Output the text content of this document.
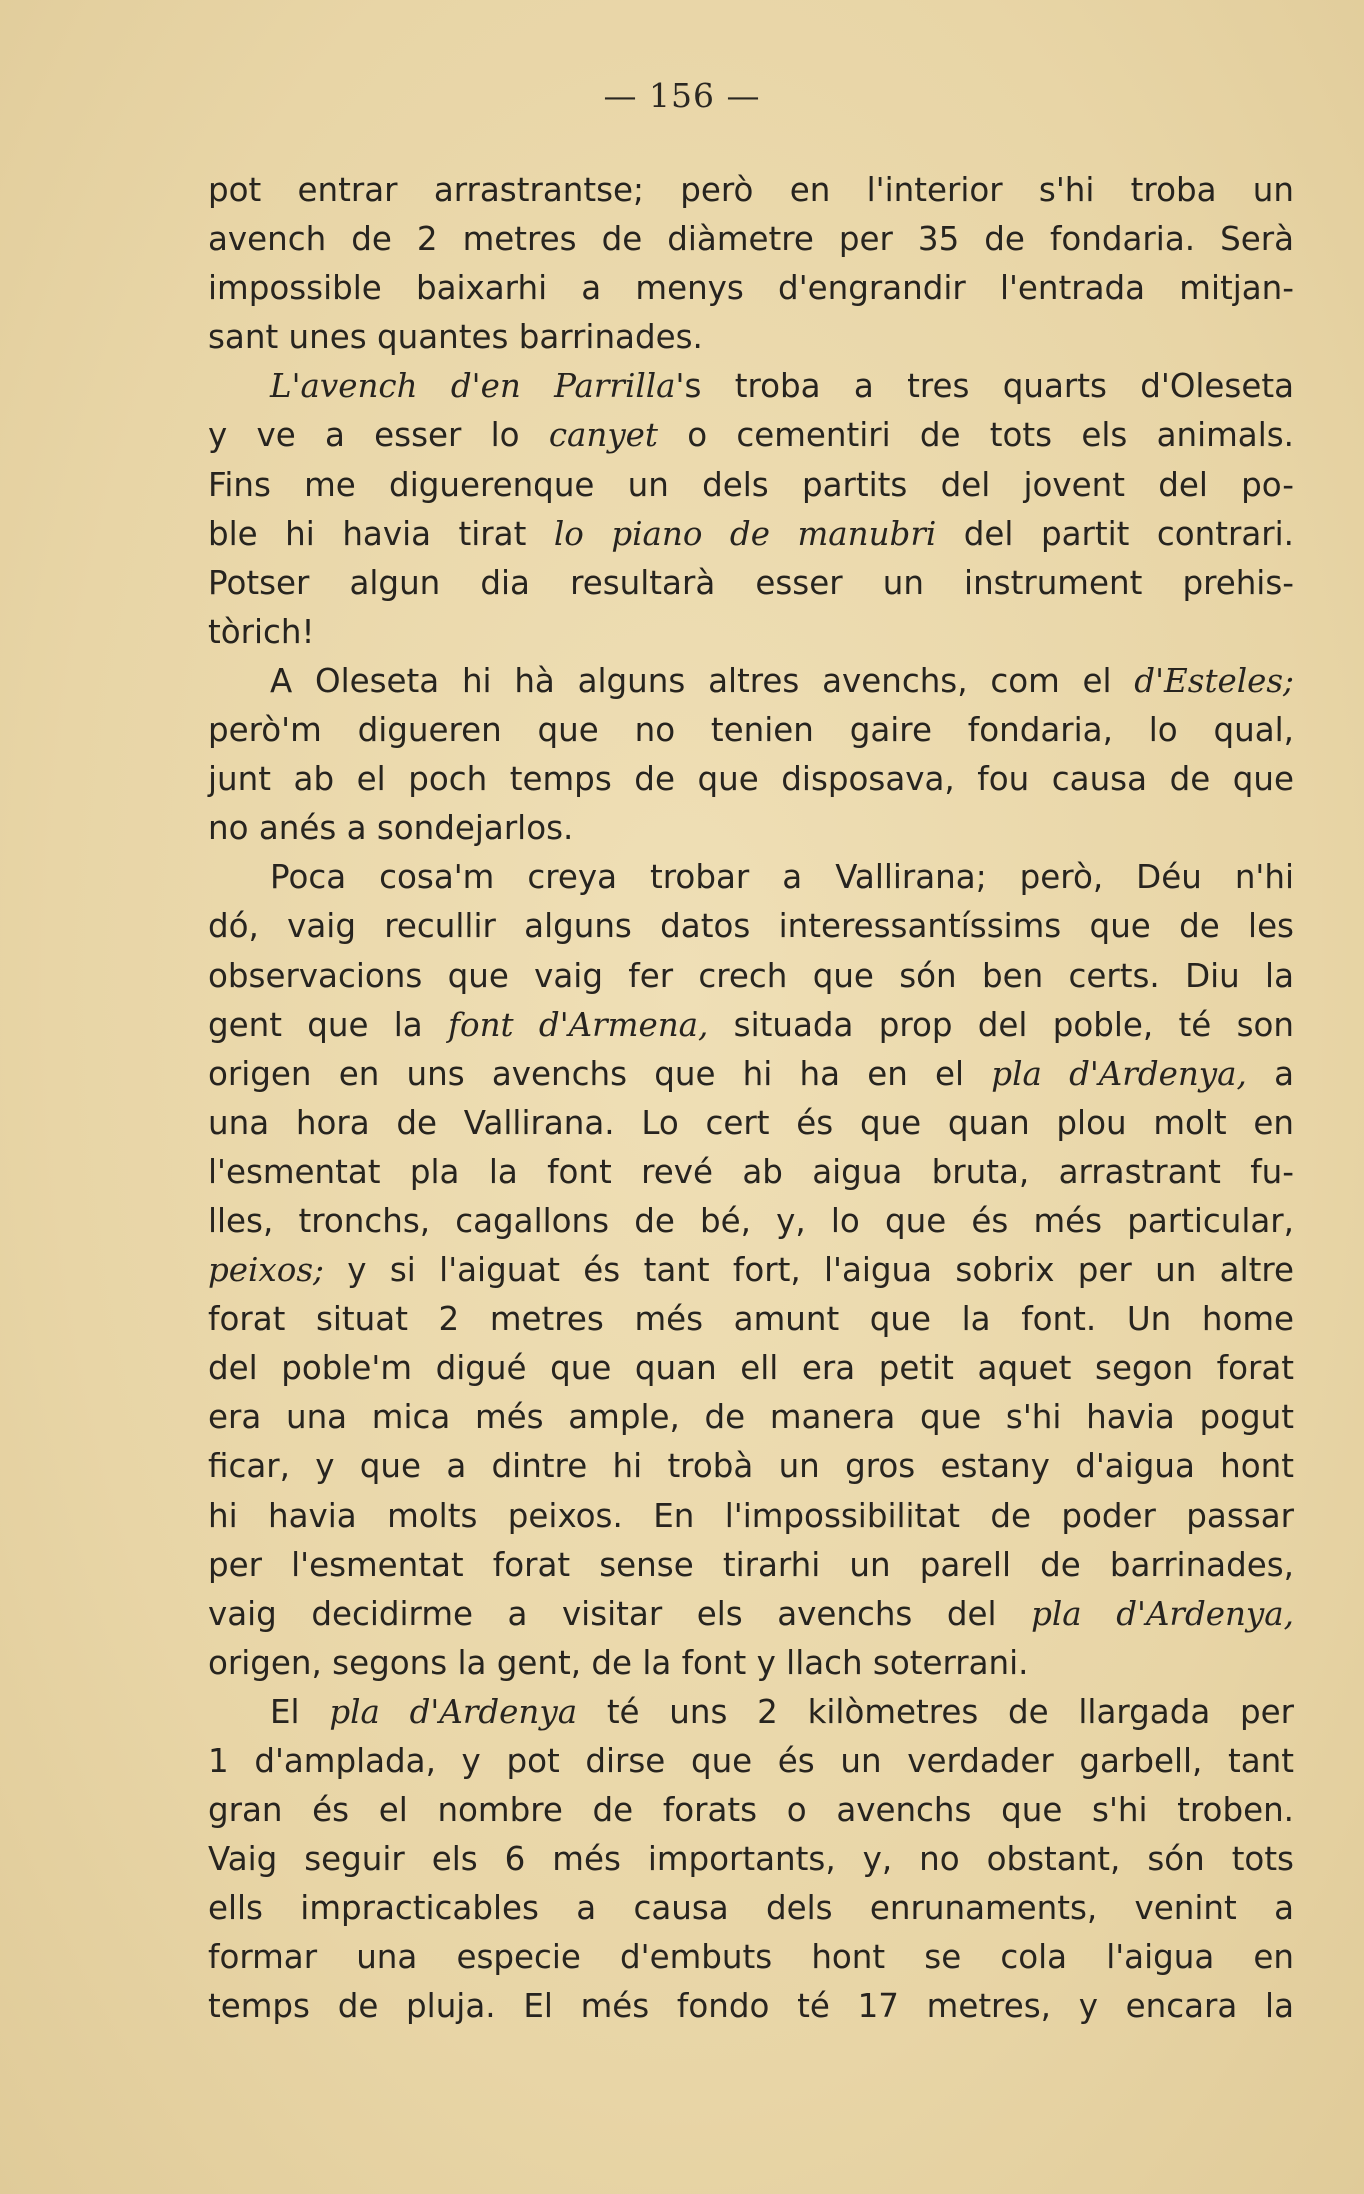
— 156 —
pot entrar arrastrantse; però en l'interior s'hi troba un
avench de 2 metres de diàmetre per 35 de fondaria. Serà
impossible baixarhi a menys d'engrandir l'entrada mitjan-
sant unes quantes barrinades.
L'avench d'en Parrilla's troba a tres quarts d'Oleseta
y ve a esser lo canyet o cementiri de tots els animals.
Fins me diguerenque un dels partits del jovent del po-
ble hi havia tirat lo piano de manubri del partit contrari.
Potser algun dia resultarà esser un instrument prehis-
tòrich!
A Oleseta hi hà alguns altres avenchs, com el d'Esteles;
però'm digueren que no tenien gaire fondaria, lo qual,
junt ab el poch temps de que disposava, fou causa de que
no anés a sondejarlos.
Poca cosa'm creya trobar a Vallirana; però, Déu n'hi
dó, vaig recullir alguns datos interessantíssims que de les
observacions que vaig fer crech que són ben certs. Diu la
gent que la font d'Armena, situada prop del poble, té son
origen en uns avenchs que hi ha en el pla d'Ardenya, a
una hora de Vallirana. Lo cert és que quan plou molt en
l'esmentat pla la font revé ab aigua bruta, arrastrant fu-
lles, tronchs, cagallons de bé, y, lo que és més particular,
peixos; y si l'aiguat és tant fort, l'aigua sobrix per un altre
forat situat 2 metres més amunt que la font. Un home
del poble'm digué que quan ell era petit aquet segon forat
era una mica més ample, de manera que s'hi havia pogut
ficar, y que a dintre hi trobà un gros estany d'aigua hont
hi havia molts peixos. En l'impossibilitat de poder passar
per l'esmentat forat sense tirarhi un parell de barrinades,
vaig decidirme a visitar els avenchs del pla d'Ardenya,
origen, segons la gent, de la font y llach soterrani.
El pla d'Ardenya té uns 2 kilòmetres de llargada per
1 d'amplada, y pot dirse que és un verdader garbell, tant
gran és el nombre de forats o avenchs que s'hi troben.
Vaig seguir els 6 més importants, y, no obstant, són tots
ells impracticables a causa dels enrunaments, venint a
formar una especie d'embuts hont se cola l'aigua en
temps de pluja. El més fondo té 17 metres, y encara la
